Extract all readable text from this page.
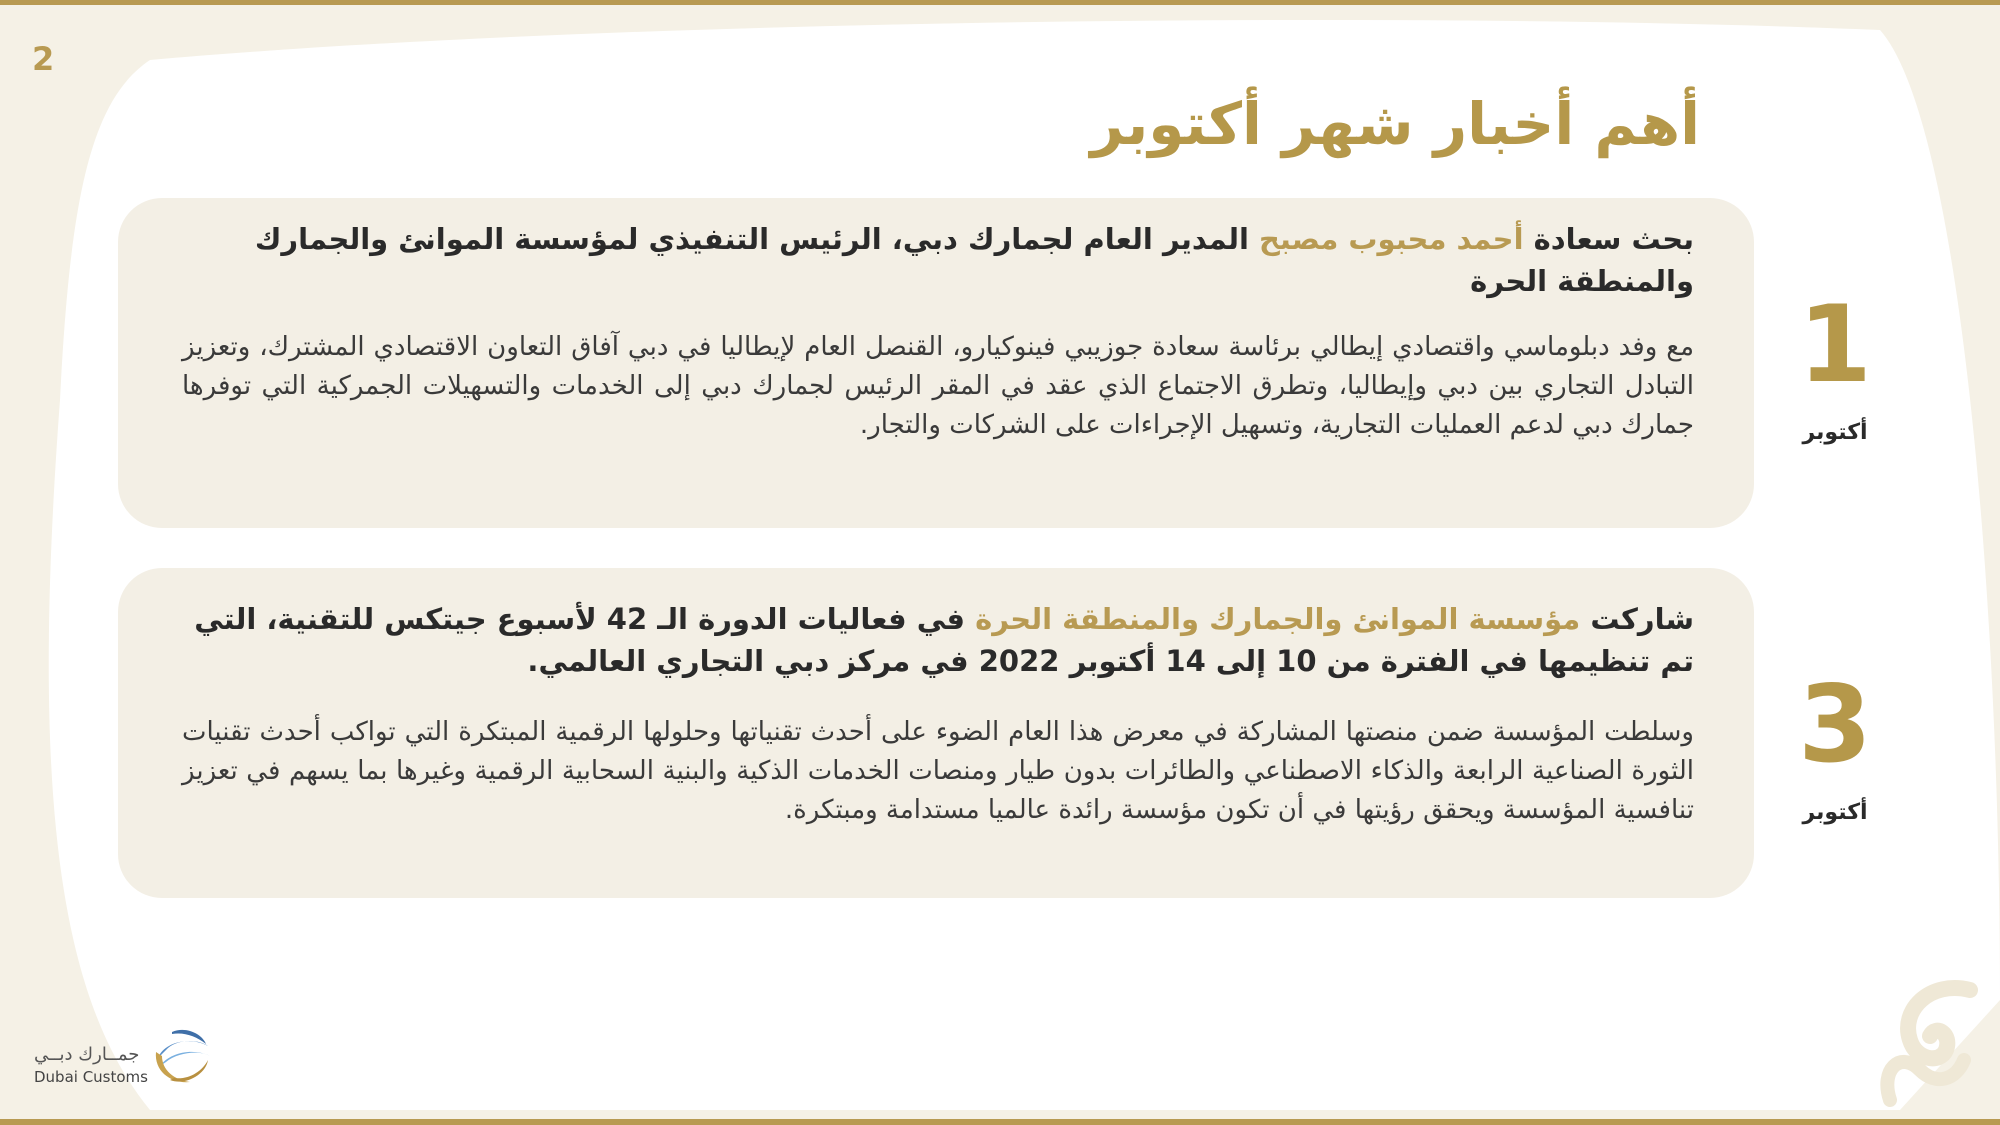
2
أهم أخبار شهر أكتوبر
بحث سعادة أحمد محبوب مصبح المدير العام لجمارك دبي، الرئيس التنفيذي لمؤسسة الموانئ والجمارك والمنطقة الحرة
مع وفد دبلوماسي واقتصادي إيطالي برئاسة سعادة جوزيبي فينوكيارو، القنصل العام لإيطاليا في دبي آفاق التعاون الاقتصادي المشترك، وتعزيز التبادل التجاري بين دبي وإيطاليا، وتطرق الاجتماع الذي عقد في المقر الرئيس لجمارك دبي إلى الخدمات والتسهيلات الجمركية التي توفرها جمارك دبي لدعم العمليات التجارية، وتسهيل الإجراءات على الشركات والتجار.
1
أكتوبر
شاركت مؤسسة الموانئ والجمارك والمنطقة الحرة في فعاليات الدورة الـ 42 لأسبوع جيتكس للتقنية، التي تم تنظيمها في الفترة من 10 إلى 14 أكتوبر 2022 في مركز دبي التجاري العالمي.
وسلطت المؤسسة ضمن منصتها المشاركة في معرض هذا العام الضوء على أحدث تقنياتها وحلولها الرقمية المبتكرة التي تواكب أحدث تقنيات الثورة الصناعية الرابعة والذكاء الاصطناعي والطائرات بدون طيار ومنصات الخدمات الذكية والبنية السحابية الرقمية وغيرها بما يسهم في تعزيز تنافسية المؤسسة ويحقق رؤيتها في أن تكون مؤسسة رائدة عالميا مستدامة ومبتكرة.
3
أكتوبر
جمــارك دبــي
Dubai Customs
